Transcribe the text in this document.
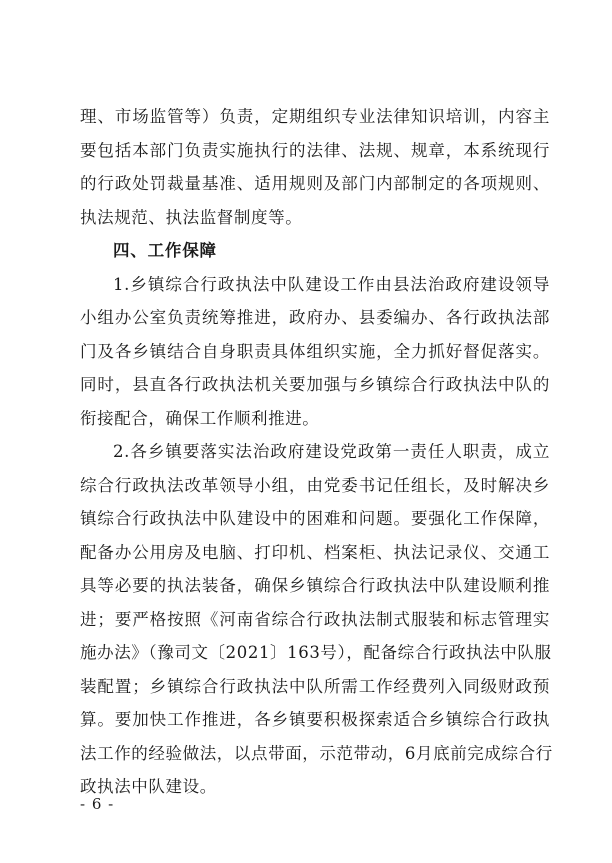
理、市场监管等）负责，定期组织专业法律知识培训，内容主
要包括本部门负责实施执行的法律、法规、规章，本系统现行
的行政处罚裁量基准、适用规则及部门内部制定的各项规则、
执法规范、执法监督制度等。
四、工作保障
1.乡镇综合行政执法中队建设工作由县法治政府建设领导
小组办公室负责统筹推进，政府办、县委编办、各行政执法部
门及各乡镇结合自身职责具体组织实施，全力抓好督促落实。
同时，县直各行政执法机关要加强与乡镇综合行政执法中队的
衔接配合，确保工作顺利推进。
2.各乡镇要落实法治政府建设党政第一责任人职责，成立
综合行政执法改革领导小组，由党委书记任组长，及时解决乡
镇综合行政执法中队建设中的困难和问题。要强化工作保障，
配备办公用房及电脑、打印机、档案柜、执法记录仪、交通工
具等必要的执法装备，确保乡镇综合行政执法中队建设顺利推
进；要严格按照《河南省综合行政执法制式服装和标志管理实
施办法》（豫司文〔2021〕163号），配备综合行政执法中队服
装配置；乡镇综合行政执法中队所需工作经费列入同级财政预
算。要加快工作推进，各乡镇要积极探索适合乡镇综合行政执
法工作的经验做法，以点带面，示范带动，6月底前完成综合行
政执法中队建设。
- 6 -
